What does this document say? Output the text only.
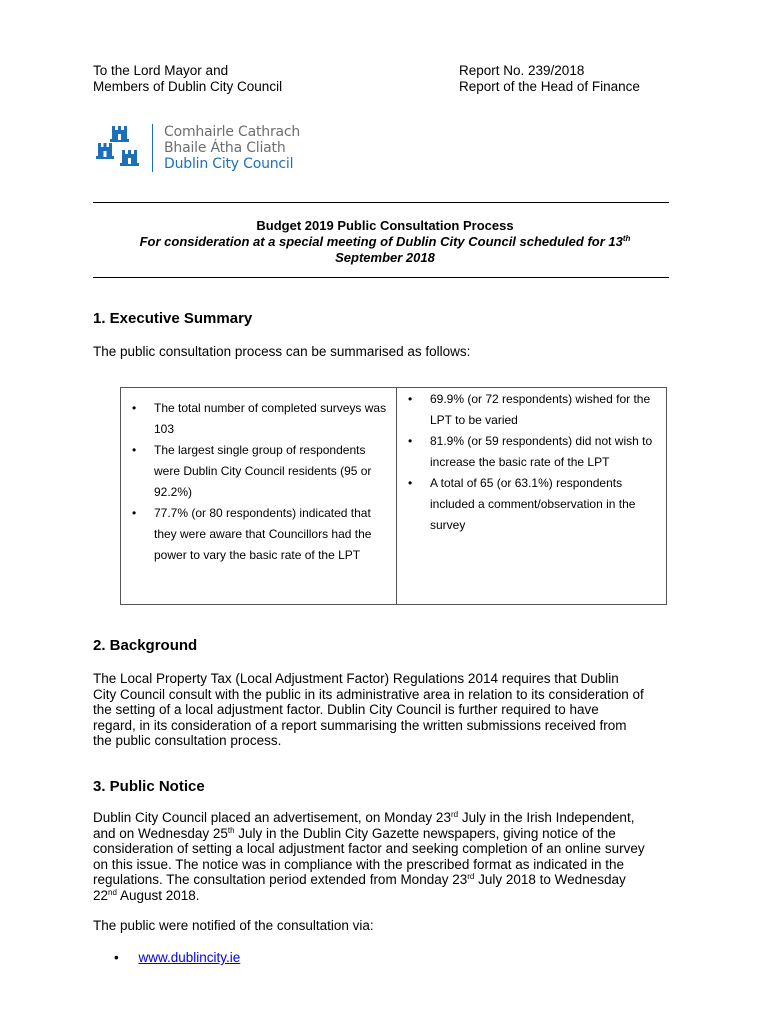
To the Lord Mayor and
Members of Dublin City Council
Report No. 239/2018
Report of the Head of Finance
Comhairle Cathrach
Bhaile Átha Cliath
Dublin City Council
Budget 2019 Public Consultation Process
For consideration at a special meeting of Dublin City Council scheduled for 13th
September 2018
1. Executive Summary
The public consultation process can be summarised as follows:
• The total number of completed surveys was 103
• The largest single group of respondents were Dublin City Council residents (95 or 92.2%)
• 77.7% (or 80 respondents) indicated that they were aware that Councillors had the power to vary the basic rate of the LPT
• 69.9% (or 72 respondents) wished for the LPT to be varied
• 81.9% (or 59 respondents) did not wish to increase the basic rate of the LPT
• A total of 65 (or 63.1%) respondents included a comment/observation in the survey
2. Background
The Local Property Tax (Local Adjustment Factor) Regulations 2014 requires that Dublin
City Council consult with the public in its administrative area in relation to its consideration of
the setting of a local adjustment factor. Dublin City Council is further required to have
regard, in its consideration of a report summarising the written submissions received from
the public consultation process.
3. Public Notice
Dublin City Council placed an advertisement, on Monday 23rd July in the Irish Independent,
and on Wednesday 25th July in the Dublin City Gazette newspapers, giving notice of the
consideration of setting a local adjustment factor and seeking completion of an online survey
on this issue. The notice was in compliance with the prescribed format as indicated in the
regulations. The consultation period extended from Monday 23rd July 2018 to Wednesday
22nd August 2018.
The public were notified of the consultation via:
• www.dublincity.ie
